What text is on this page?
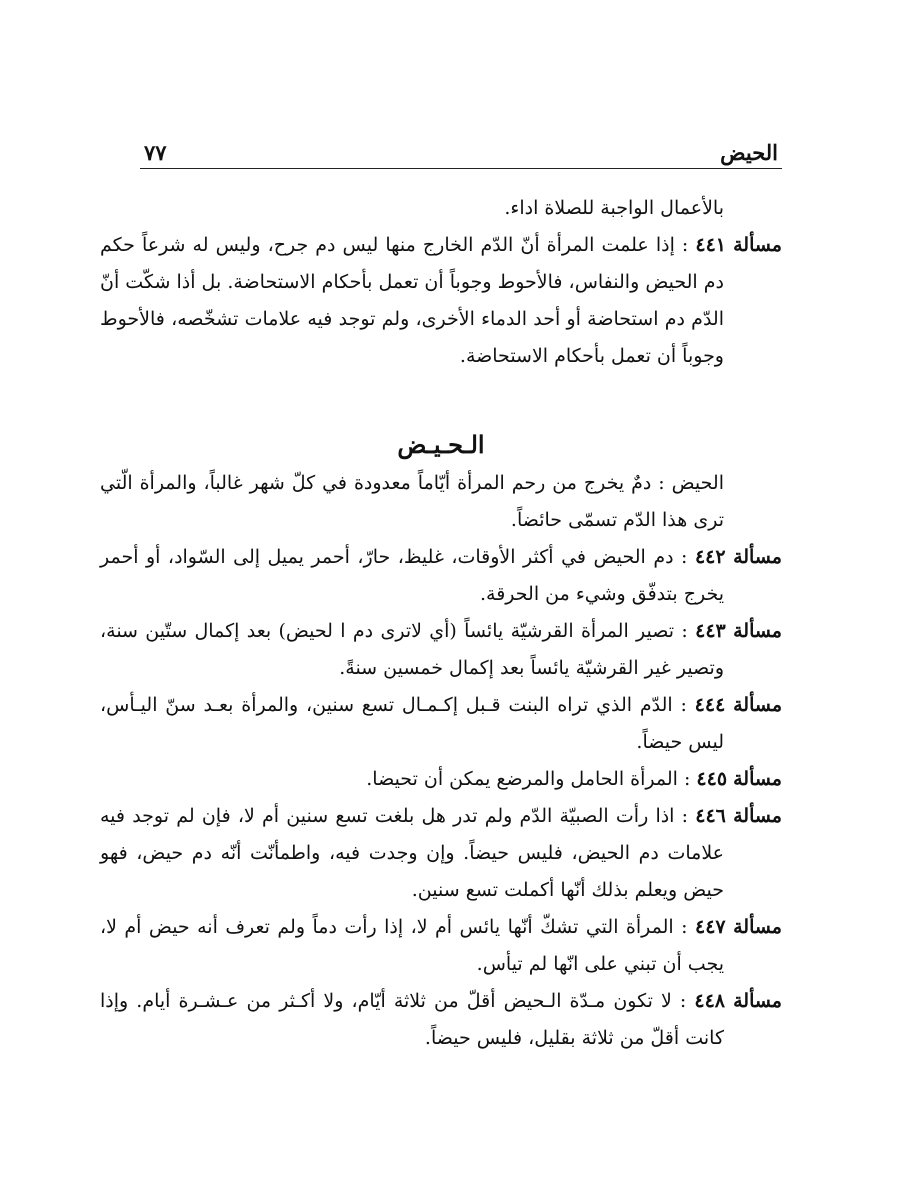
الحيض
٧٧

بالأعمال الواجبة للصلاة اداء.

مسألة ٤٤١ : إذا علمت المرأة أنّ الدّم الخارج منها ليس دم جرح، وليس له شرعاً حكم دم الحيض والنفاس، فالأحوط وجوباً أن تعمل بأحكام الاستحاضة. بل أذا شكّت أنّ الدّم دم استحاضة أو أحد الدماء الأخرى، ولم توجد فيه علامات تشخّصه، فالأحوط وجوباً أن تعمل بأحكام الاستحاضة.

الـحـيـض

الحيض : دمٌ يخرج من رحم المرأة أيّاماً معدودة في كلّ شهر غالباً، والمرأة الّتي ترى هذا الدّم تسمّى حائضاً.

مسألة ٤٤٢ : دم الحيض في أكثر الأوقات، غليظ، حارّ، أحمر يميل إلى السّواد، أو أحمر يخرج بتدفّق وشيء من الحرقة.

مسألة ٤٤٣ : تصير المرأة القرشيّة يائساً (أي لاترى دم ا لحيض) بعد إكمال ستّين سنة، وتصير غير القرشيّة يائساً بعد إكمال خمسين سنةً.

مسألة ٤٤٤ : الدّم الذي تراه البنت قـبل إكـمـال تسع سنين، والمرأة بعـد سنّ اليـأس، ليس حيضاً.

مسألة ٤٤٥ : المرأة الحامل والمرضع يمكن أن تحيضا.

مسألة ٤٤٦ : اذا رأت الصبيّة الدّم ولم تدر هل بلغت تسع سنين أم لا، فإن لم توجد فيه علامات دم الحيض، فليس حيضاً. وإن وجدت فيه، واطمأنّت أنّه دم حيض، فهو حيض ويعلم بذلك أنّها أكملت تسع سنين.

مسألة ٤٤٧ : المرأة التي تشكّ أنّها يائس أم لا، إذا رأت دماً ولم تعرف أنه حيض أم لا، يجب أن تبني على انّها لم تيأس.

مسألة ٤٤٨ : لا تكون مـدّة الـحيض أقلّ من ثلاثة أيّام، ولا أكـثر من عـشـرة أيام. وإذا كانت أقلّ من ثلاثة بقليل، فليس حيضاً.
